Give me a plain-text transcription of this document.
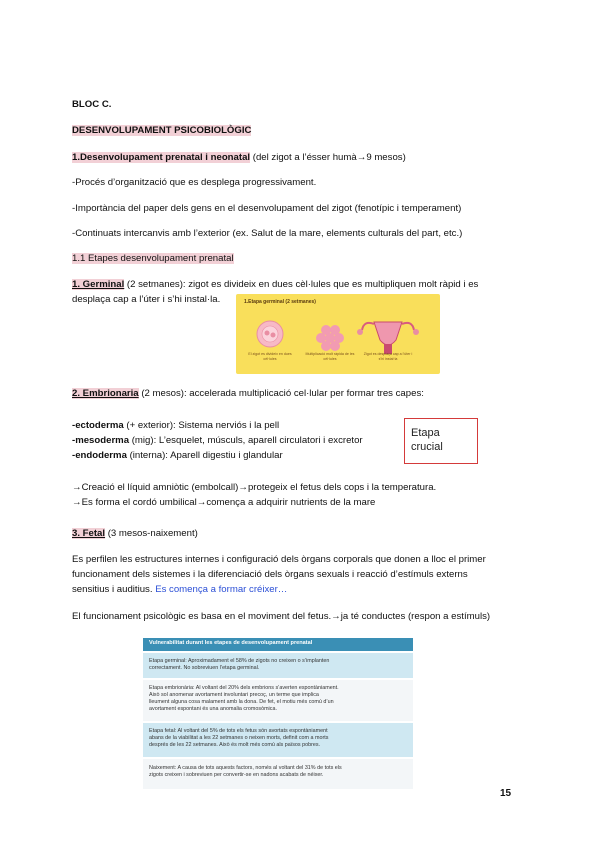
BLOC C.
DESENVOLUPAMENT PSICOBIOLÒGIC
1.Desenvolupament prenatal i neonatal (del zigot a l’ésser humà→9 mesos)
-Procés d’organització que es desplega progressivament.
-Importància del paper dels gens en el desenvolupament del zigot (fenotípic i temperament)
-Continuats intercanvis amb l’exterior (ex. Salut de la mare, elements culturals del part, etc.)
1.1 Etapes desenvolupament prenatal
1. Germinal (2 setmanes): zigot es divideix en dues cèl·lules que es multipliquen molt ràpid i es
desplaça cap a l’úter i s’hi instal·la.	1.Etapa germinal (2 setmanes)
El zigot es divideix en dues cèl·lules
Multiplicació molt ràpida de les cèl·lules
Zigot es desplaça cap a l’úter i s’hi instal·la
2. Embrionaria (2 mesos): accelerada multiplicació cel·lular per formar tres capes:
-ectoderma (+ exterior): Sistema nerviós i la pell
-mesoderma (mig): L’esquelet, músculs, aparell circulatori i excretor
-endoderma (interna): Aparell digestiu i glandular
Etapa
crucial
→Creació el líquid amniòtic (embolcall)→protegeix el fetus dels cops i la temperatura.
→Es forma el cordó umbilical→comença a adquirir nutrients de la mare
3. Fetal (3 mesos-naixement)
Es perfilen les estructures internes i configuració dels òrgans corporals que donen a lloc el primer
funcionament dels sistemes i la diferenciació dels òrgans sexuals i reacció d’estímuls externs
sensitius i auditius. Es comença a formar créixer…
El funcionament psicològic es basa en el moviment del fetus.→ja té conductes (respon a estímuls)
Vulnerabilitat durant les etapes de desenvolupament prenatal
Etapa germinal: Aproximadament el 58% de zigots no creixen o s’implanten
correctament. No sobreviuen l’etapa germinal.
Etapa embrionària: Al voltant del 20% dels embrions s’averten espontàniament.
Això sol anomenar avortament involuntari precoç, un terme que implica
lleument alguna cosa malament amb la dona. De fet, el motiu més comú d’un
avortament espontani és una anomalia cromosòmica.
Etapa fetal: Al voltant del 5% de tots els fetus són avortats espontàniament
abans de la viabilitat a les 22 setmanes o neixen morts, definit com a morts
després de les 22 setmanes. Això és molt més comú als països pobres.
Naixement: A causa de tots aquests factors, només al voltant del 31% de tots els
zigots creixen i sobreviuen per convertir-se en nadons acabats de néixer.
15
